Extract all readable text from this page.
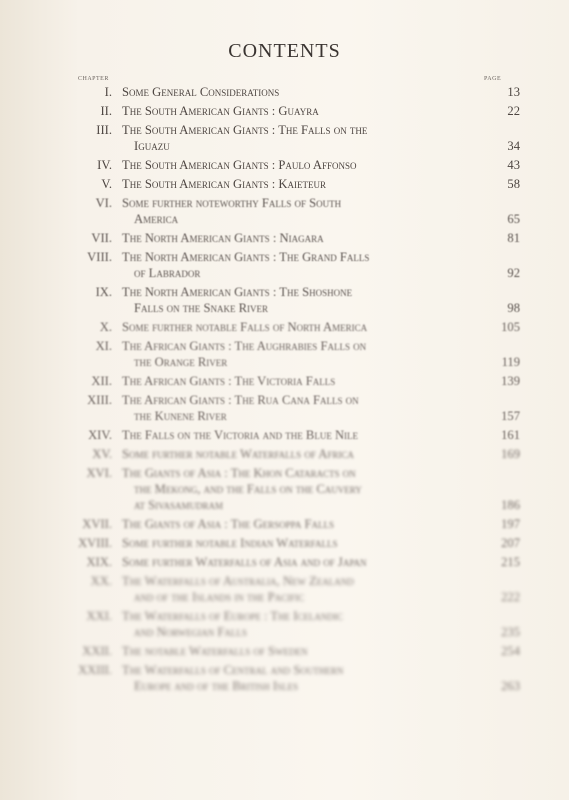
CONTENTS
CHAPTER	PAGE
I. Some General Considerations	13
II. The South American Giants : Guayra	22
III. The South American Giants : The Falls on the
Iguazu	34
IV. The South American Giants : Paulo Affonso	43
V. The South American Giants : Kaieteur	58
VI. Some further noteworthy Falls of South
America	65
VII. The North American Giants : Niagara	81
VIII. The North American Giants : The Grand Falls
of Labrador	92
IX. The North American Giants : The Shoshone
Falls on the Snake River	98
X. Some further notable Falls of North America	105
XI. The African Giants : The Aughrabies Falls on
the Orange River	119
XII. The African Giants : The Victoria Falls	139
XIII. The African Giants : The Rua Cana Falls on
the Kunene River	157
XIV. The Falls on the Victoria and the Blue Nile	161
XV. Some further notable Waterfalls of Africa	169
XVI. The Giants of Asia : The Khon Cataracts on
the Mekong, and the Falls on the Cauvery
at Sivasamudram	186
XVII. The Giants of Asia : The Gersoppa Falls	197
XVIII. Some further notable Indian Waterfalls	207
XIX. Some further Waterfalls of Asia and of Japan	215
XX. The Waterfalls of Australia, New Zealand
and of the Islands in the Pacific	222
XXI. The Waterfalls of Europe : The Icelandic
and Norwegian Falls	235
XXII. The notable Waterfalls of Sweden	254
XXIII. The Waterfalls of Central and Southern
Europe and of the British Isles	263
